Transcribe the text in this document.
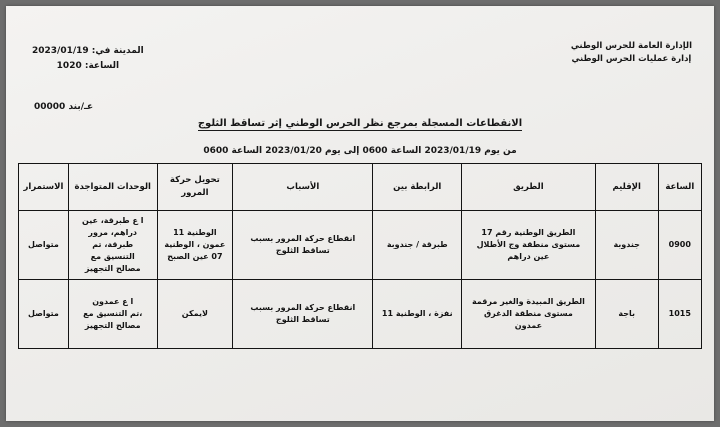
الإدارة العامة للحرس الوطني
إدارة عمليات الحرس الوطني
المدينة في: 2023/01/19
الساعة: 1020
عـ/بند 00000
الانقطاعات المسجلة بمرجع نظر الحرس الوطني إثر تساقط الثلوج
من يوم 2023/01/19 الساعة 0600 إلى يوم 2023/01/20 الساعة 0600
الساعة	الإقليم	الطريق	الرابطة بين	الأسباب	تحويل حركة المرور	الوحدات المتواجدة	الاستمرار
0900	جندوبة	الطريق الوطنية رقم 17
مستوى منطقة وج الأطلال
عين دراهم	طبرقة / جندوبة	انقطاع حركة المرور بسبب تساقط الثلوج	الوطنية 11
عمون ، الوطنية
07 عين الصبح	ا ع طبرقة، عين
دراهم، مرور
طبرقة، تم
التنسيق مع
مصالح التجهيز	متواصل
1015	باجة	الطريق المبيدة والغير مرقمة
مستوى منطقة الدغرق
عمدون	نفزة ، الوطنية 11	انقطاع حركة المرور بسبب تساقط الثلوج	لايمكن	ا ع عمدون
،تم التنسيق مع
مصالح التجهيز	متواصل
